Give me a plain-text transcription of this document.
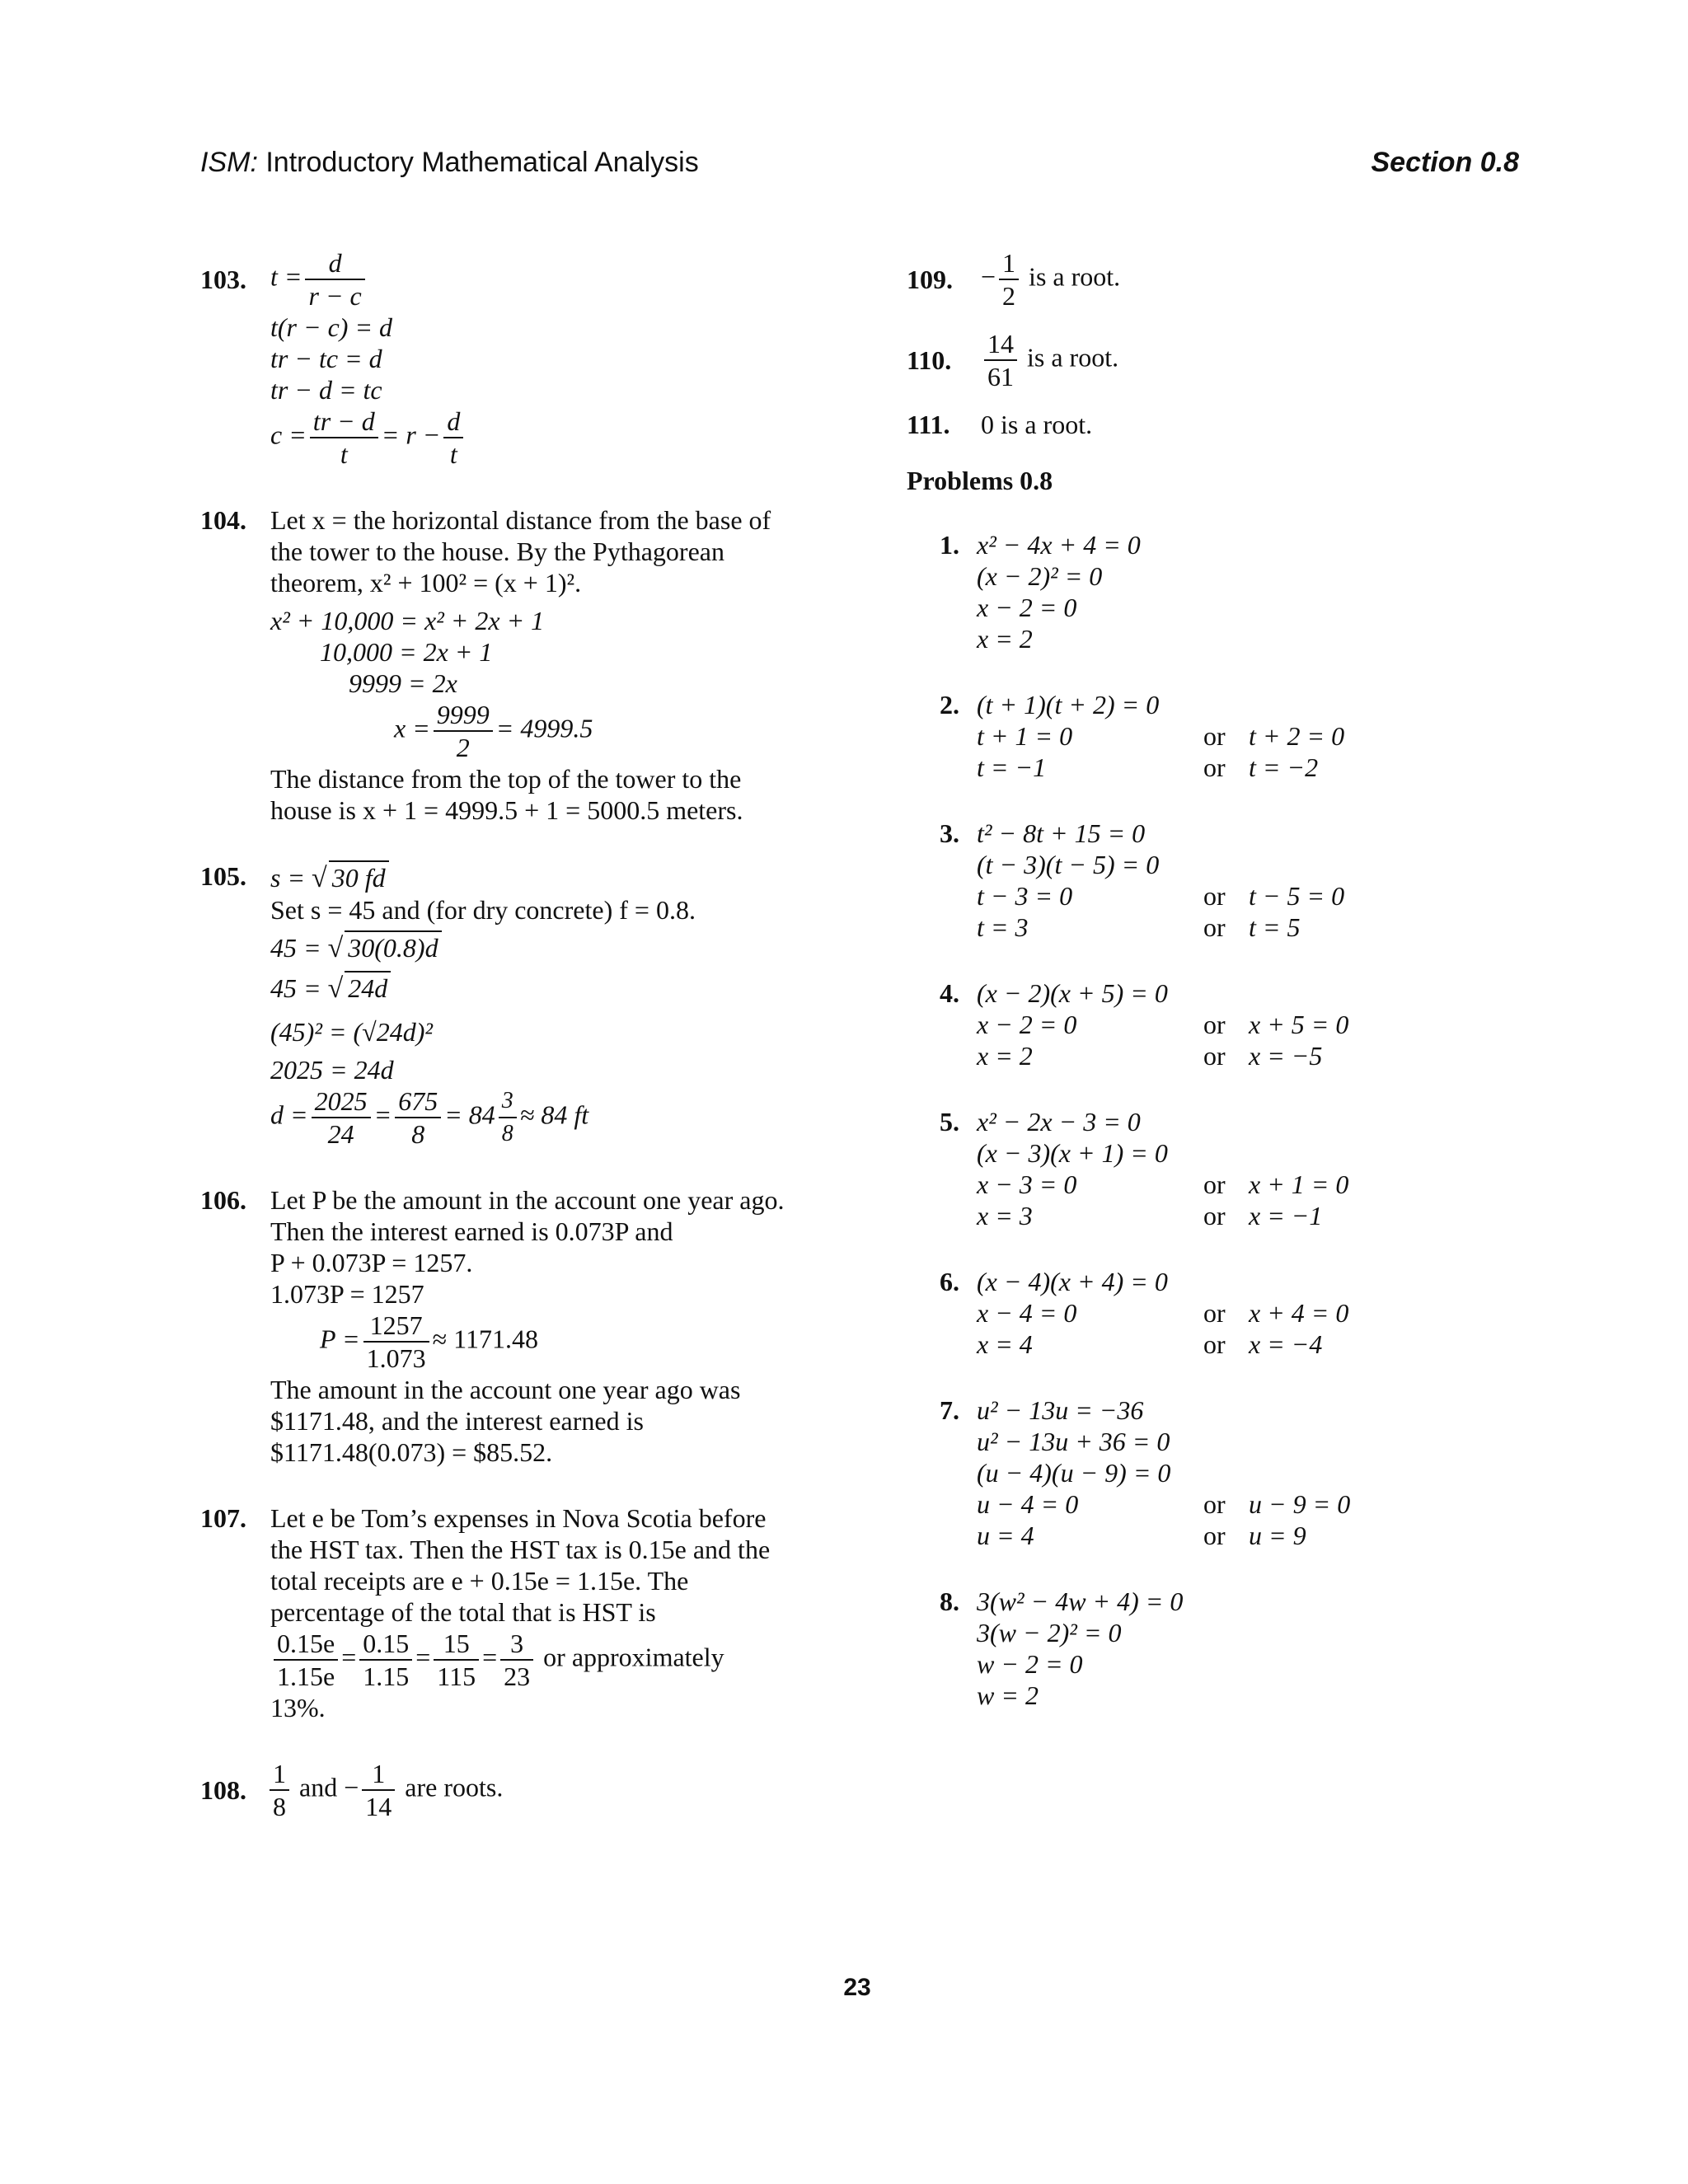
ISM: Introductory Mathematical Analysis	Section 0.8
103. $t = \frac{d}{r - c}$
t(r − c) = d
tr − tc = d
tr − d = tc
$c = \frac{tr - d}{t} = r - \frac{d}{t}$
104. Let x = the horizontal distance from the base of
the tower to the house. By the Pythagorean
theorem, x² + 100² = (x + 1)².
x² + 10,000 = x² + 2x + 1
10,000 = 2x + 1
9999 = 2x
$x = \frac{9999}{2} = 4999.5$
The distance from the top of the tower to the
house is x + 1 = 4999.5 + 1 = 5000.5 meters.
105. s = √ 30 fd
Set s = 45 and (for dry concrete) f = 0.8.
45 = √ 30(0.8)d
45 = √ 24d
(45)² = (√24d)²
2025 = 24d
$d = \frac{2025}{24} = \frac{675}{8} = 84 \frac{3}{8} \approx 84$ ft
106. Let P be the amount in the account one year ago.
Then the interest earned is 0.073P and
P + 0.073P = 1257.
1.073P = 1257
$P = \frac{1257}{1.073} \approx 1171.48$
The amount in the account one year ago was
$1171.48, and the interest earned is
$1171.48(0.073) = $85.52.
107. Let e be Tom’s expenses in Nova Scotia before
the HST tax. Then the HST tax is 0.15e and the
total receipts are e + 0.15e = 1.15e. The
percentage of the total that is HST is
$\frac{0.15e}{1.15e} = \frac{0.15}{1.15} = \frac{15}{115} = \frac{3}{23}$ or approximately
13%.
108. $\frac{1}{8}$ and − $\frac{1}{14}$ are roots.
109. − $\frac{1}{2}$ is a root.
110. $\frac{14}{61}$ is a root.
111. 0 is a root.
Problems 0.8
1. x² − 4x + 4 = 0
(x − 2)² = 0
x − 2 = 0
x = 2
2. (t + 1)(t + 2) = 0
t + 1 = 0	or t + 2 = 0
t = −1	or t = −2
3. t² − 8t + 15 = 0
(t − 3)(t − 5) = 0
t − 3 = 0	or t − 5 = 0
t = 3	or t = 5
4. (x − 2)(x + 5) = 0
x − 2 = 0	or x + 5 = 0
x = 2	or x = −5
5. x² − 2x − 3 = 0
(x − 3)(x + 1) = 0
x − 3 = 0	or x + 1 = 0
x = 3	or x = −1
6. (x − 4)(x + 4) = 0
x − 4 = 0	or x + 4 = 0
x = 4	or x = −4
7. u² − 13u = −36
u² − 13u + 36 = 0
(u − 4)(u − 9) = 0
u − 4 = 0	or u − 9 = 0
u = 4	or u = 9
8. 3(w² − 4w + 4) = 0
3(w − 2)² = 0
w − 2 = 0
w = 2
23
